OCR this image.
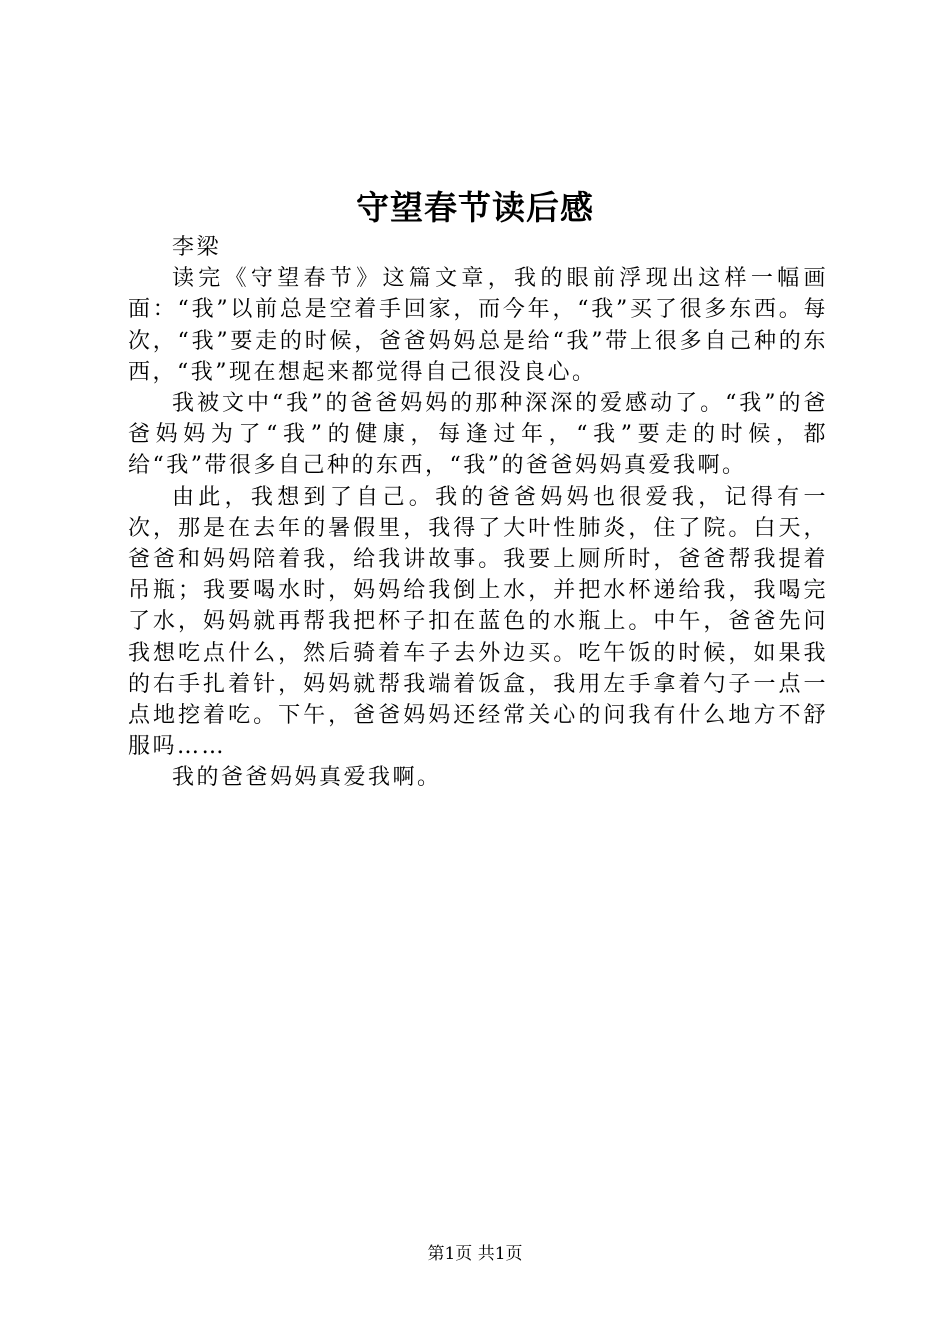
守望春节读后感

李梁

读完《守望春节》这篇文章，我的眼前浮现出这样一幅画面：“我”以前总是空着手回家，而今年，“我”买了很多东西。每次，“我”要走的时候，爸爸妈妈总是给“我”带上很多自己种的东西，“我”现在想起来都觉得自己很没良心。

我被文中“我”的爸爸妈妈的那种深深的爱感动了。“我”的爸爸妈妈为了“我”的健康，每逢过年，“我”要走的时候，都给“我”带很多自己种的东西，“我”的爸爸妈妈真爱我啊。

由此，我想到了自己。我的爸爸妈妈也很爱我，记得有一次，那是在去年的暑假里，我得了大叶性肺炎，住了院。白天，爸爸和妈妈陪着我，给我讲故事。我要上厕所时，爸爸帮我提着吊瓶；我要喝水时，妈妈给我倒上水，并把水杯递给我，我喝完了水，妈妈就再帮我把杯子扣在蓝色的水瓶上。中午，爸爸先问我想吃点什么，然后骑着车子去外边买。吃午饭的时候，如果我的右手扎着针，妈妈就帮我端着饭盒，我用左手拿着勺子一点一点地挖着吃。下午，爸爸妈妈还经常关心的问我有什么地方不舒服吗……

我的爸爸妈妈真爱我啊。

第1页 共1页
